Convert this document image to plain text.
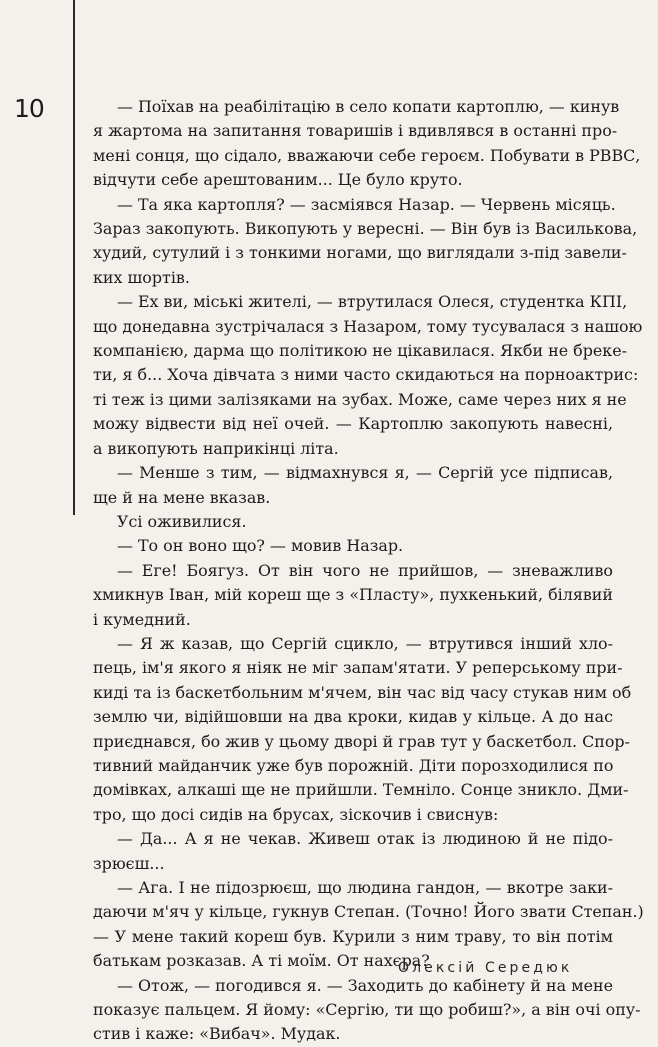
10	— Поїхав на реабілітацію в село копати картоплю, — кинув
я жартома на запитання товаришів і вдивлявся в останні про-
мені сонця, що сідало, вважаючи себе героєм. Побувати в РВВС,
відчути себе арештованим... Це було круто.

— Та яка картопля? — засміявся Назар. — Червень місяць.
Зараз закопують. Викопують у вересні. — Він був із Василькова,
худий, сутулий і з тонкими ногами, що виглядали з-під завели-
ких шортів.

— Ех ви, міські жителі, — втрутилася Олеся, студентка КПІ,
що донедавна зустрічалася з Назаром, тому тусувалася з нашою
компанією, дарма що політикою не цікавилася. Якби не бреке-
ти, я б... Хоча дівчата з ними часто скидаються на порноактрис:
ті теж із цими залізяками на зубах. Може, саме через них я не
можу відвести від неї очей. — Картоплю закопують навесні,
а викопують наприкінці літа.

— Менше з тим, — відмахнувся я, — Сергій усе підписав,
ще й на мене вказав.

Усі оживилися.

— То он воно що? — мовив Назар.

— Еге! Боягуз. От він чого не прийшов, — зневажливо
хмикнув Іван, мій кореш ще з «Пласту», пухкенький, білявий
і кумедний.

— Я ж казав, що Сергій сцикло, — втрутився інший хло-
пець, ім'я якого я ніяк не міг запам'ятати. У реперському при-
киді та із баскетбольним м'ячем, він час від часу стукав ним об
землю чи, відійшовши на два кроки, кидав у кільце. А до нас
приєднався, бо жив у цьому дворі й грав тут у баскетбол. Спор-
тивний майданчик уже був порожній. Діти порозходилися по
домівках, алкаші ще не прийшли. Темніло. Сонце зникло. Дми-
тро, що досі сидів на брусах, зіскочив і свиснув:

— Да... А я не чекав. Живеш отак із людиною й не підо-
зрюєш...

— Ага. І не підозрюєш, що людина гандон, — вкотре заки-
даючи м'яч у кільце, гукнув Степан. (Точно! Його звати Степан.)
— У мене такий кореш був. Курили з ним траву, то він потім
батькам розказав. А ті моїм. От нахєра?

— Отож, — погодився я. — Заходить до кабінету й на мене
показує пальцем. Я йому: «Сергію, ти що робиш?», а він очі опу-
стив і каже: «Вибач». Мудак.

Олексій Середюк
